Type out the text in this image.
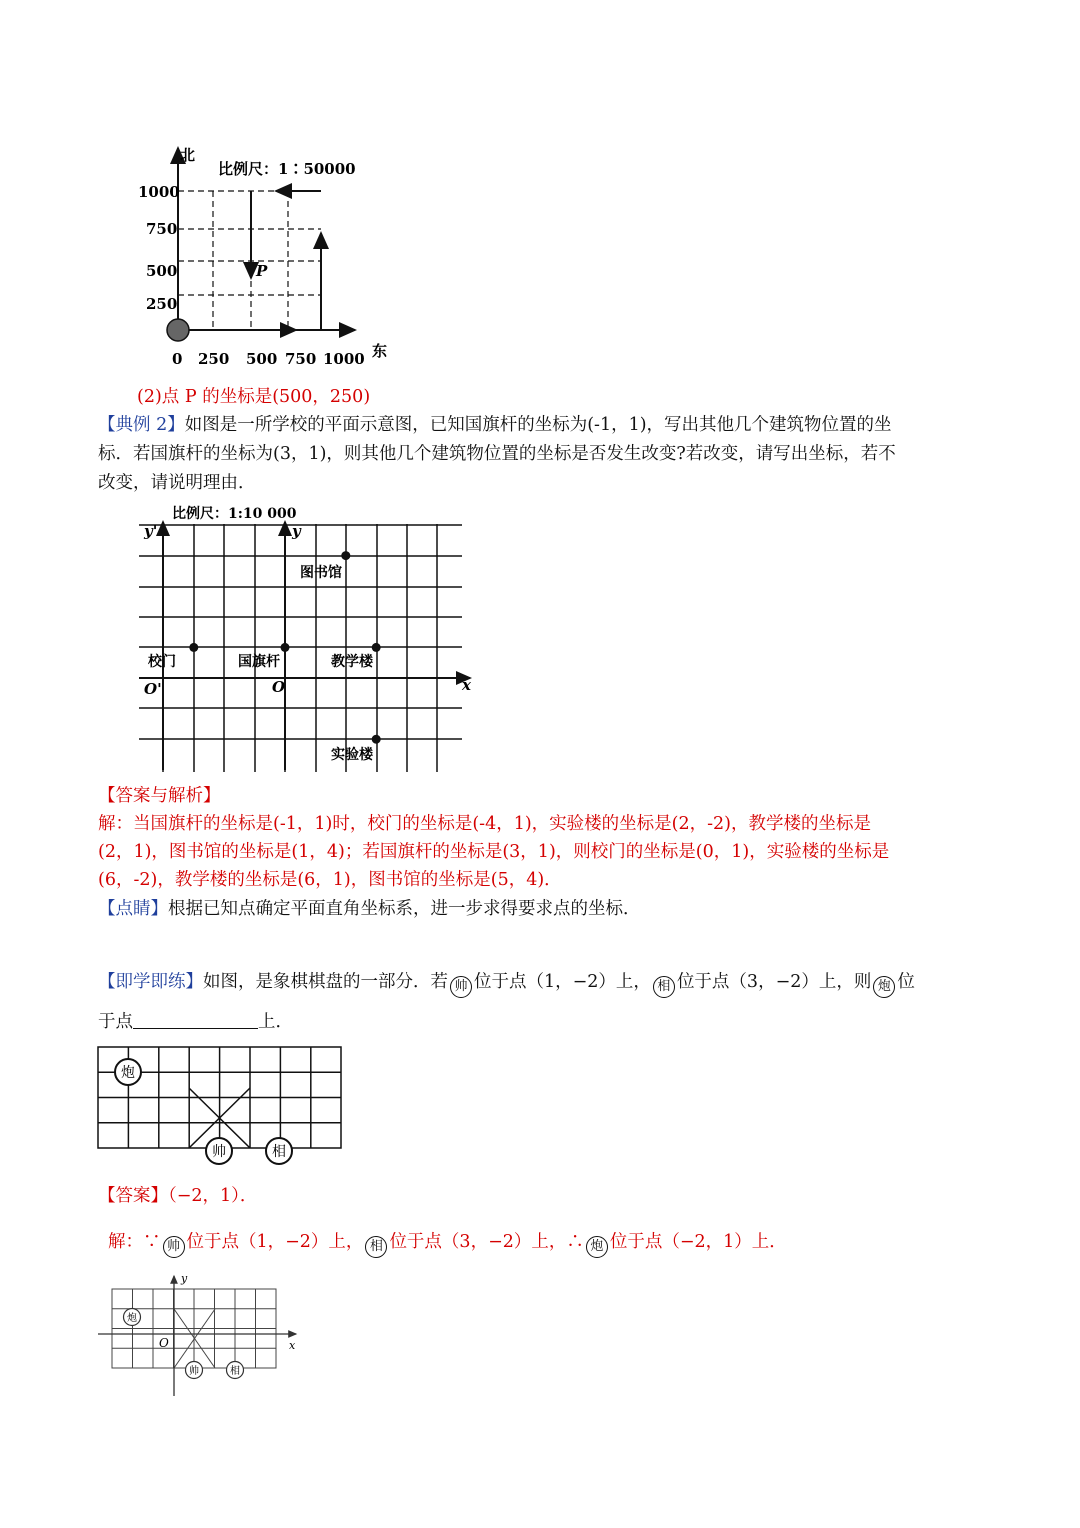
北
东
比例尺：1∶50000
1000
750
500
250
0 250 500 750 1000
P
(2)点 P 的坐标是(500，250)
【典例 2】如图是一所学校的平面示意图，已知国旗杆的坐标为(-1，1)，写出其他几个建筑物位置的坐
标．若国旗杆的坐标为(3，1)，则其他几个建筑物位置的坐标是否发生改变?若改变，请写出坐标，若不
改变，请说明理由．
比例尺：1:10 000
y'	y
x
O'	O
图书馆
校门	国旗杆	教学楼
实验楼
【答案与解析】
解：当国旗杆的坐标是(-1，1)时，校门的坐标是(-4，1)，实验楼的坐标是(2，-2)，教学楼的坐标是
(2，1)，图书馆的坐标是(1，4)；若国旗杆的坐标是(3，1)，则校门的坐标是(0，1)，实验楼的坐标是
(6，-2)，教学楼的坐标是(6，1)，图书馆的坐标是(5，4)．
【点睛】根据已知点确定平面直角坐标系，进一步求得要求点的坐标．
【即学即练】如图，是象棋棋盘的一部分．若 帅 位于点（1，−2）上， 相 位于点（3，−2）上，则 炮 位
于点	上．
炮
帅	相
【答案】（−2，1）．
解：∵ 帅 位于点（1，−2）上， 相 位于点（3，−2）上，∴ 炮 位于点（−2，1）上．
y
x
O
炮
帅	相
